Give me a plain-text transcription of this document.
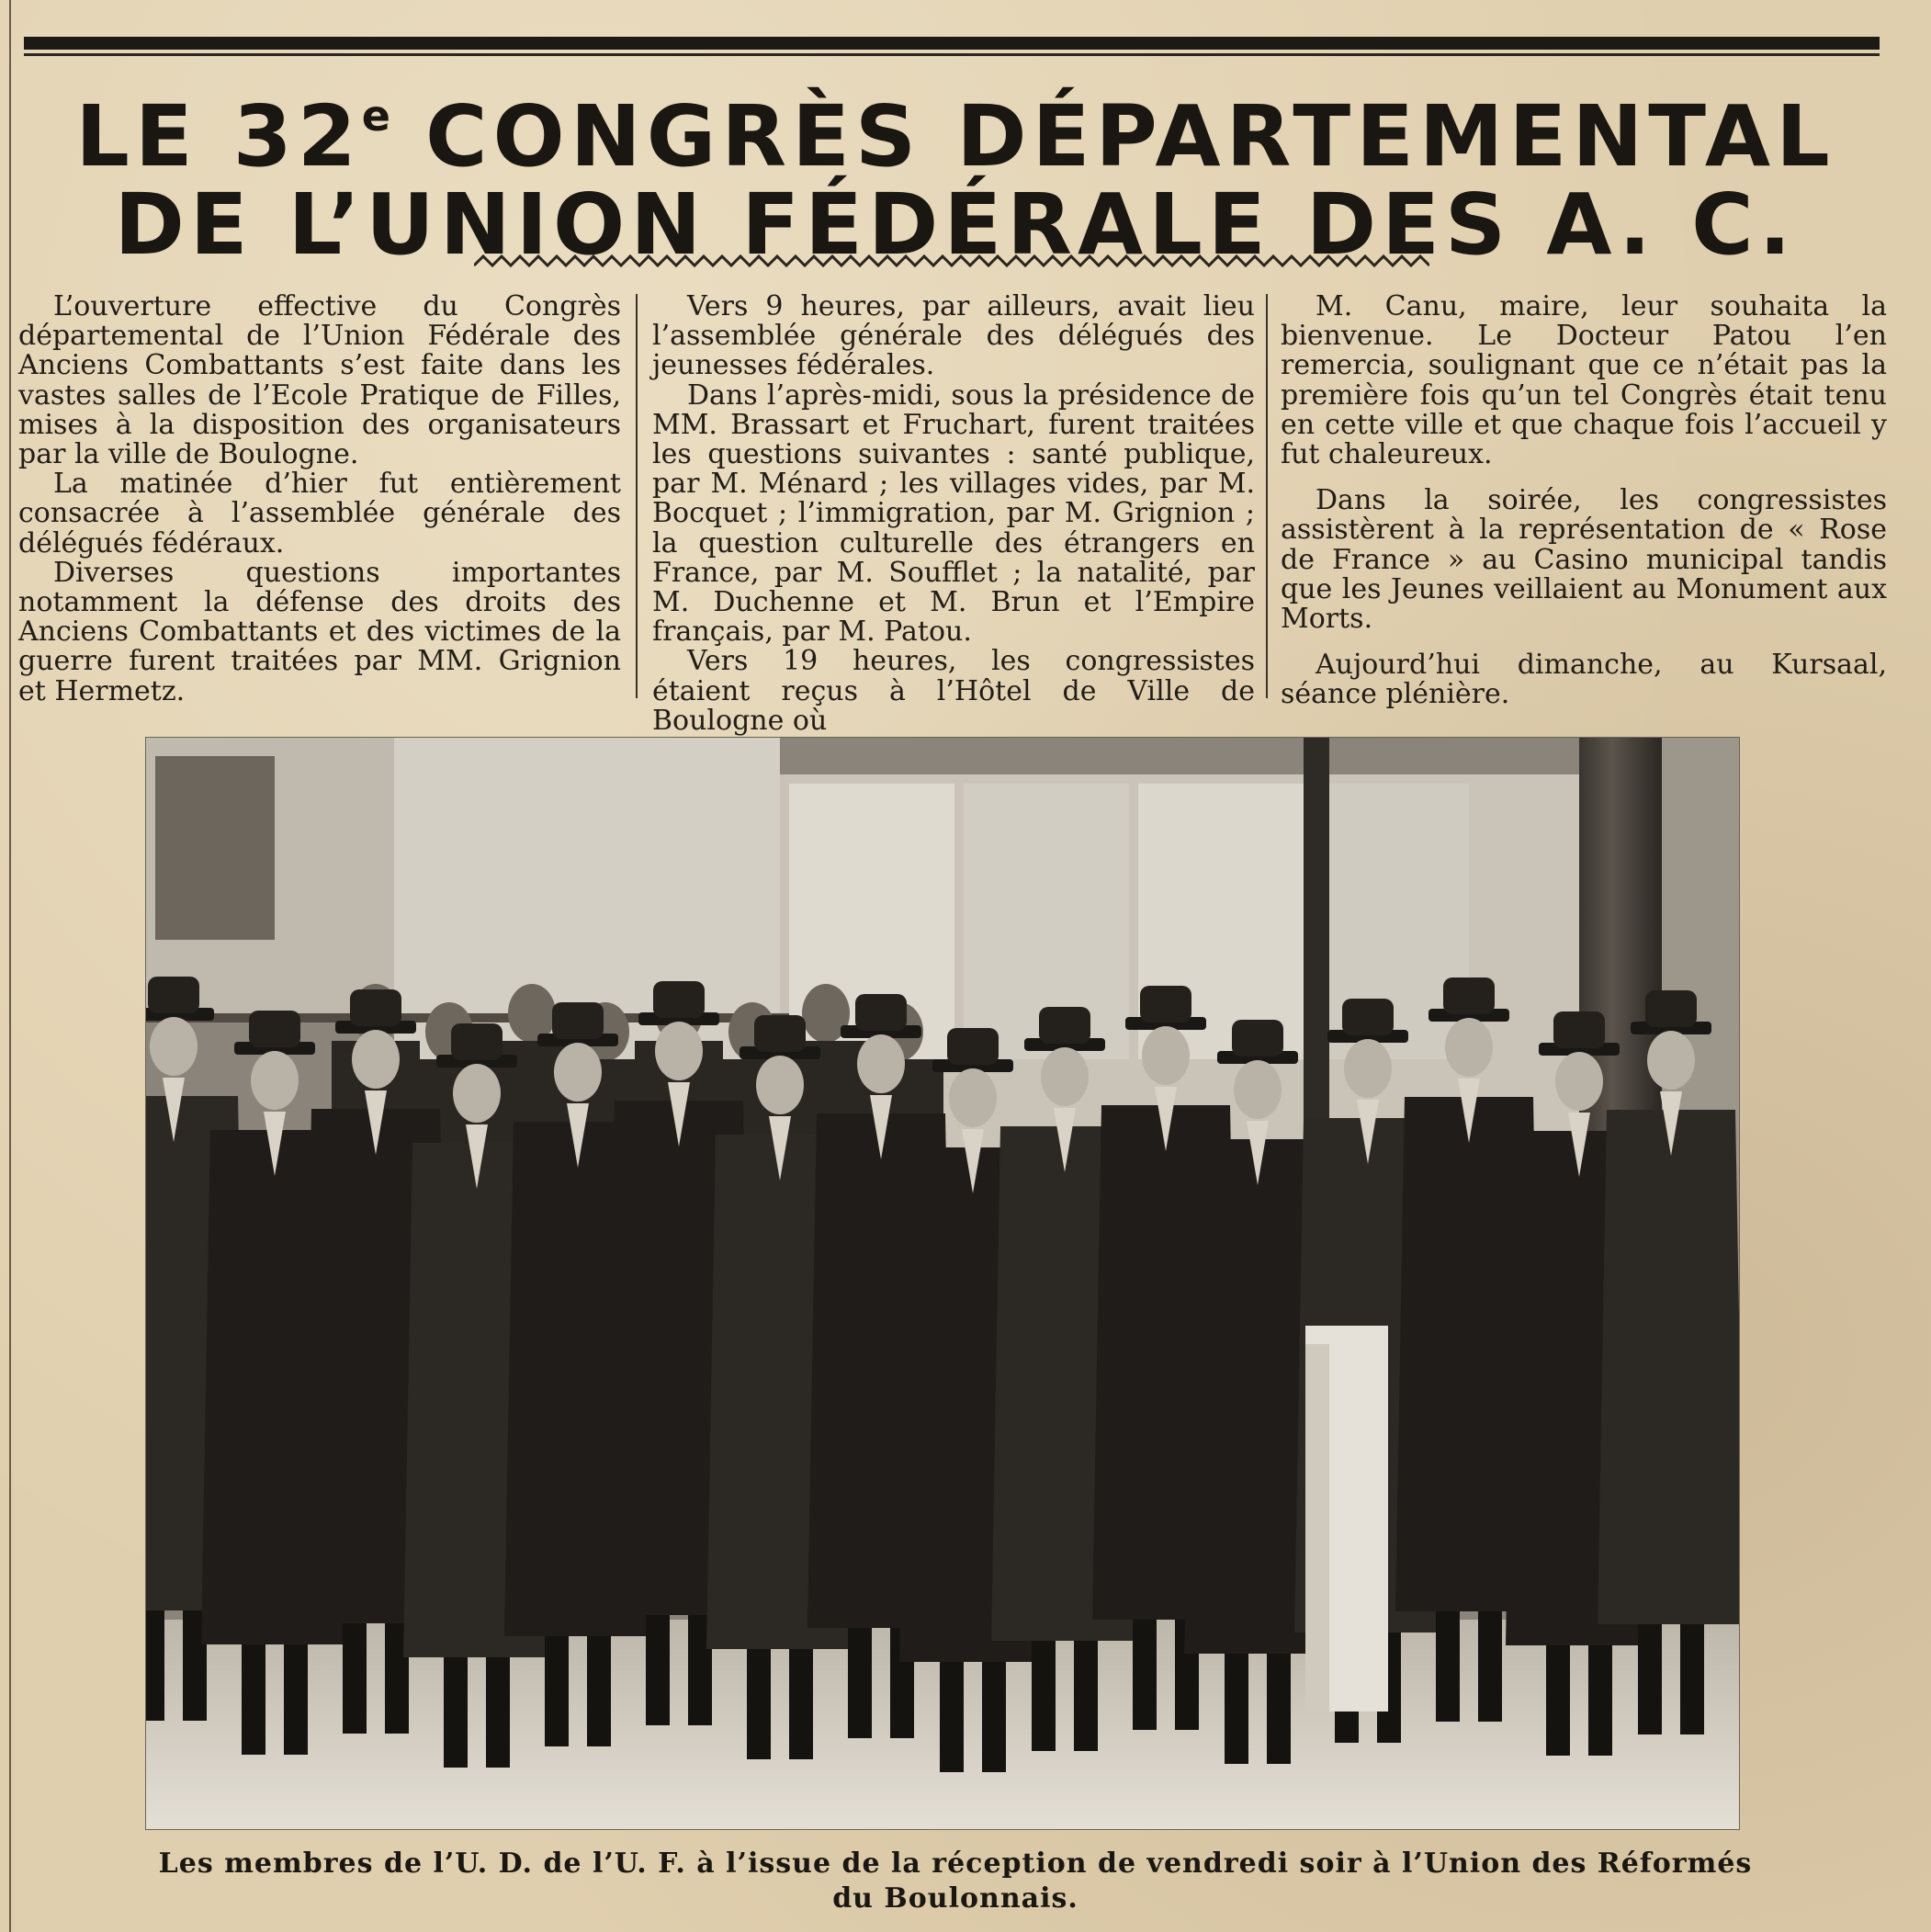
LE 32e CONGRÈS DÉPARTEMENTAL
DE L’UNION FÉDÉRALE DES A. C.

L’ouverture effective du Congrès départemental de l’Union Fédérale des Anciens Combattants s’est faite dans les vastes salles de l’Ecole Pratique de Filles, mises à la disposition des organisateurs par la ville de Boulogne.

La matinée d’hier fut entièrement consacrée à l’assemblée générale des délégués fédéraux.

Diverses questions importantes notamment la défense des droits des Anciens Combattants et des victimes de la guerre furent traitées par MM. Grignion et Hermetz.

Vers 9 heures, par ailleurs, avait lieu l’assemblée générale des délégués des jeunesses fédérales.

Dans l’après-midi, sous la présidence de MM. Brassart et Fruchart, furent traitées les questions suivantes : santé publique, par M. Ménard ; les villages vides, par M. Bocquet ; l’immigration, par M. Grignion ; la question culturelle des étrangers en France, par M. Soufflet ; la natalité, par M. Duchenne et M. Brun et l’Empire français, par M. Patou.

Vers 19 heures, les congressistes étaient reçus à l’Hôtel de Ville de Boulogne où

M. Canu, maire, leur souhaita la bienvenue. Le Docteur Patou l’en remercia, soulignant que ce n’était pas la première fois qu’un tel Congrès était tenu en cette ville et que chaque fois l’accueil y fut chaleureux.

Dans la soirée, les congressistes assistèrent à la représentation de « Rose de France » au Casino municipal tandis que les Jeunes veillaient au Monument aux Morts.

Aujourd’hui dimanche, au Kursaal, séance plénière.

Les membres de l’U. D. de l’U. F. à l’issue de la réception de vendredi soir à l’Union des Réformés
du Boulonnais.
